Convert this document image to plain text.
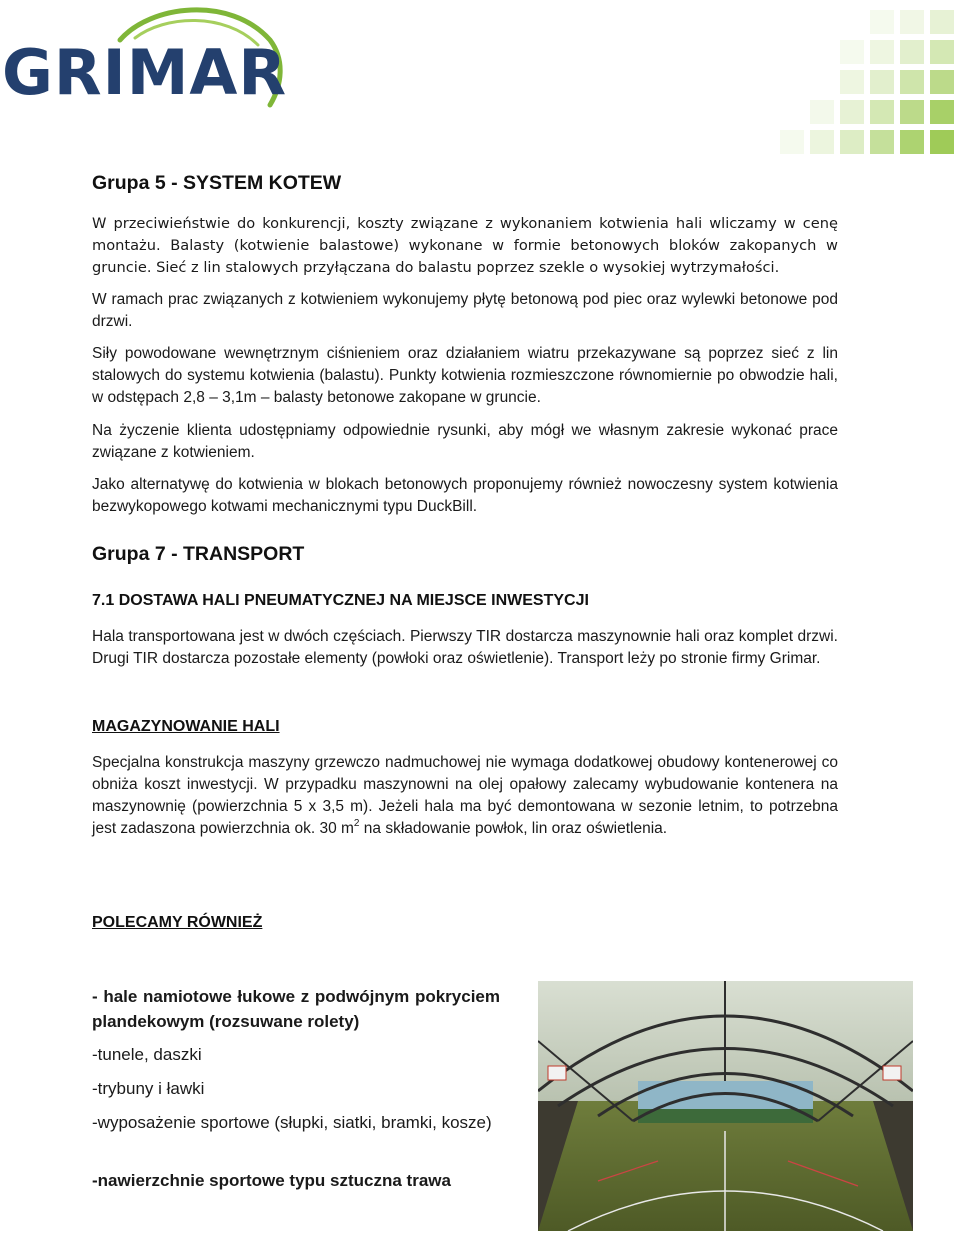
GRIMAR
Grupa 5 - SYSTEM KOTEW

W przeciwieństwie do konkurencji, koszty związane z wykonaniem kotwienia hali wliczamy w cenę montażu. Balasty (kotwienie balastowe) wykonane w formie betonowych bloków zakopanych w gruncie. Sieć z lin stalowych przyłączana do balastu poprzez szekle o wysokiej wytrzymałości.

W ramach prac związanych z kotwieniem wykonujemy płytę betonową pod piec oraz wylewki betonowe pod drzwi.

Siły powodowane wewnętrznym ciśnieniem oraz działaniem wiatru przekazywane są poprzez sieć z lin stalowych do systemu kotwienia (balastu). Punkty kotwienia rozmieszczone równomiernie po obwodzie hali, w odstępach 2,8 – 3,1m – balasty betonowe zakopane w gruncie.

Na życzenie klienta udostępniamy odpowiednie rysunki, aby mógł we własnym zakresie wykonać prace związane z kotwieniem.

Jako alternatywę do kotwienia w blokach betonowych proponujemy również nowoczesny system kotwienia bezwykopowego kotwami mechanicznymi typu DuckBill.

Grupa 7 - TRANSPORT
7.1 DOSTAWA HALI PNEUMATYCZNEJ NA MIEJSCE INWESTYCJI

Hala transportowana jest w dwóch częściach. Pierwszy TIR dostarcza maszynownie hali oraz komplet drzwi. Drugi TIR dostarcza pozostałe elementy (powłoki oraz oświetlenie). Transport leży po stronie firmy Grimar.

MAGAZYNOWANIE HALI

Specjalna konstrukcja maszyny grzewczo nadmuchowej nie wymaga dodatkowej obudowy kontenerowej co obniża koszt inwestycji. W przypadku maszynowni na olej opałowy zalecamy wybudowanie kontenera na maszynownię (powierzchnia 5 x 3,5 m). Jeżeli hala ma być demontowana w sezonie letnim, to potrzebna jest zadaszona powierzchnia ok. 30 $m^2$ na składowanie powłok, lin oraz oświetlenia.

POLECAMY RÓWNIEŻ

- hale namiotowe łukowe z podwójnym pokryciem plandekowym (rozsuwane rolety)

-tunele, daszki

-trybuny i ławki

-wyposażenie sportowe (słupki, siatki, bramki, kosze)

-nawierzchnie sportowe typu sztuczna trawa
